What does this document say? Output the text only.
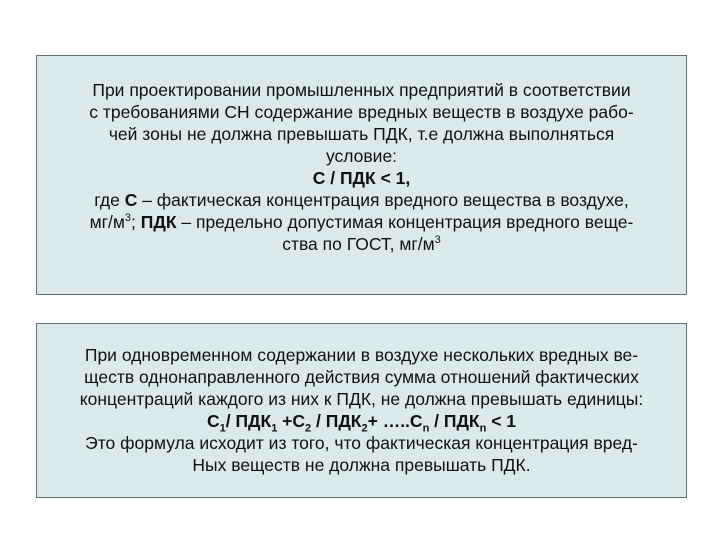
При проектировании промышленных предприятий в соответствии
с требованиями СН содержание вредных веществ в воздухе рабо-
чей зоны не должна превышать ПДК, т.е должна выполняться
условие:
С / ПДК < 1,
где С – фактическая концентрация вредного вещества в воздухе,
$мг/м^3$; ПДК – предельно допустимая концентрация вредного веще-
ства по ГОСТ, $мг/м^3$
При одновременном содержании в воздухе нескольких вредных ве-
ществ однонаправленного действия сумма отношений фактических
концентраций каждого из них к ПДК, не должна превышать единицы:
$С_1/$ $ПДК_1 +С_2 / ПДК_2+$ $\dots..С_n / ПДК_n < 1$
Это формула исходит из того, что фактическая концентрация вред-
Ных веществ не должна превышать ПДК.
